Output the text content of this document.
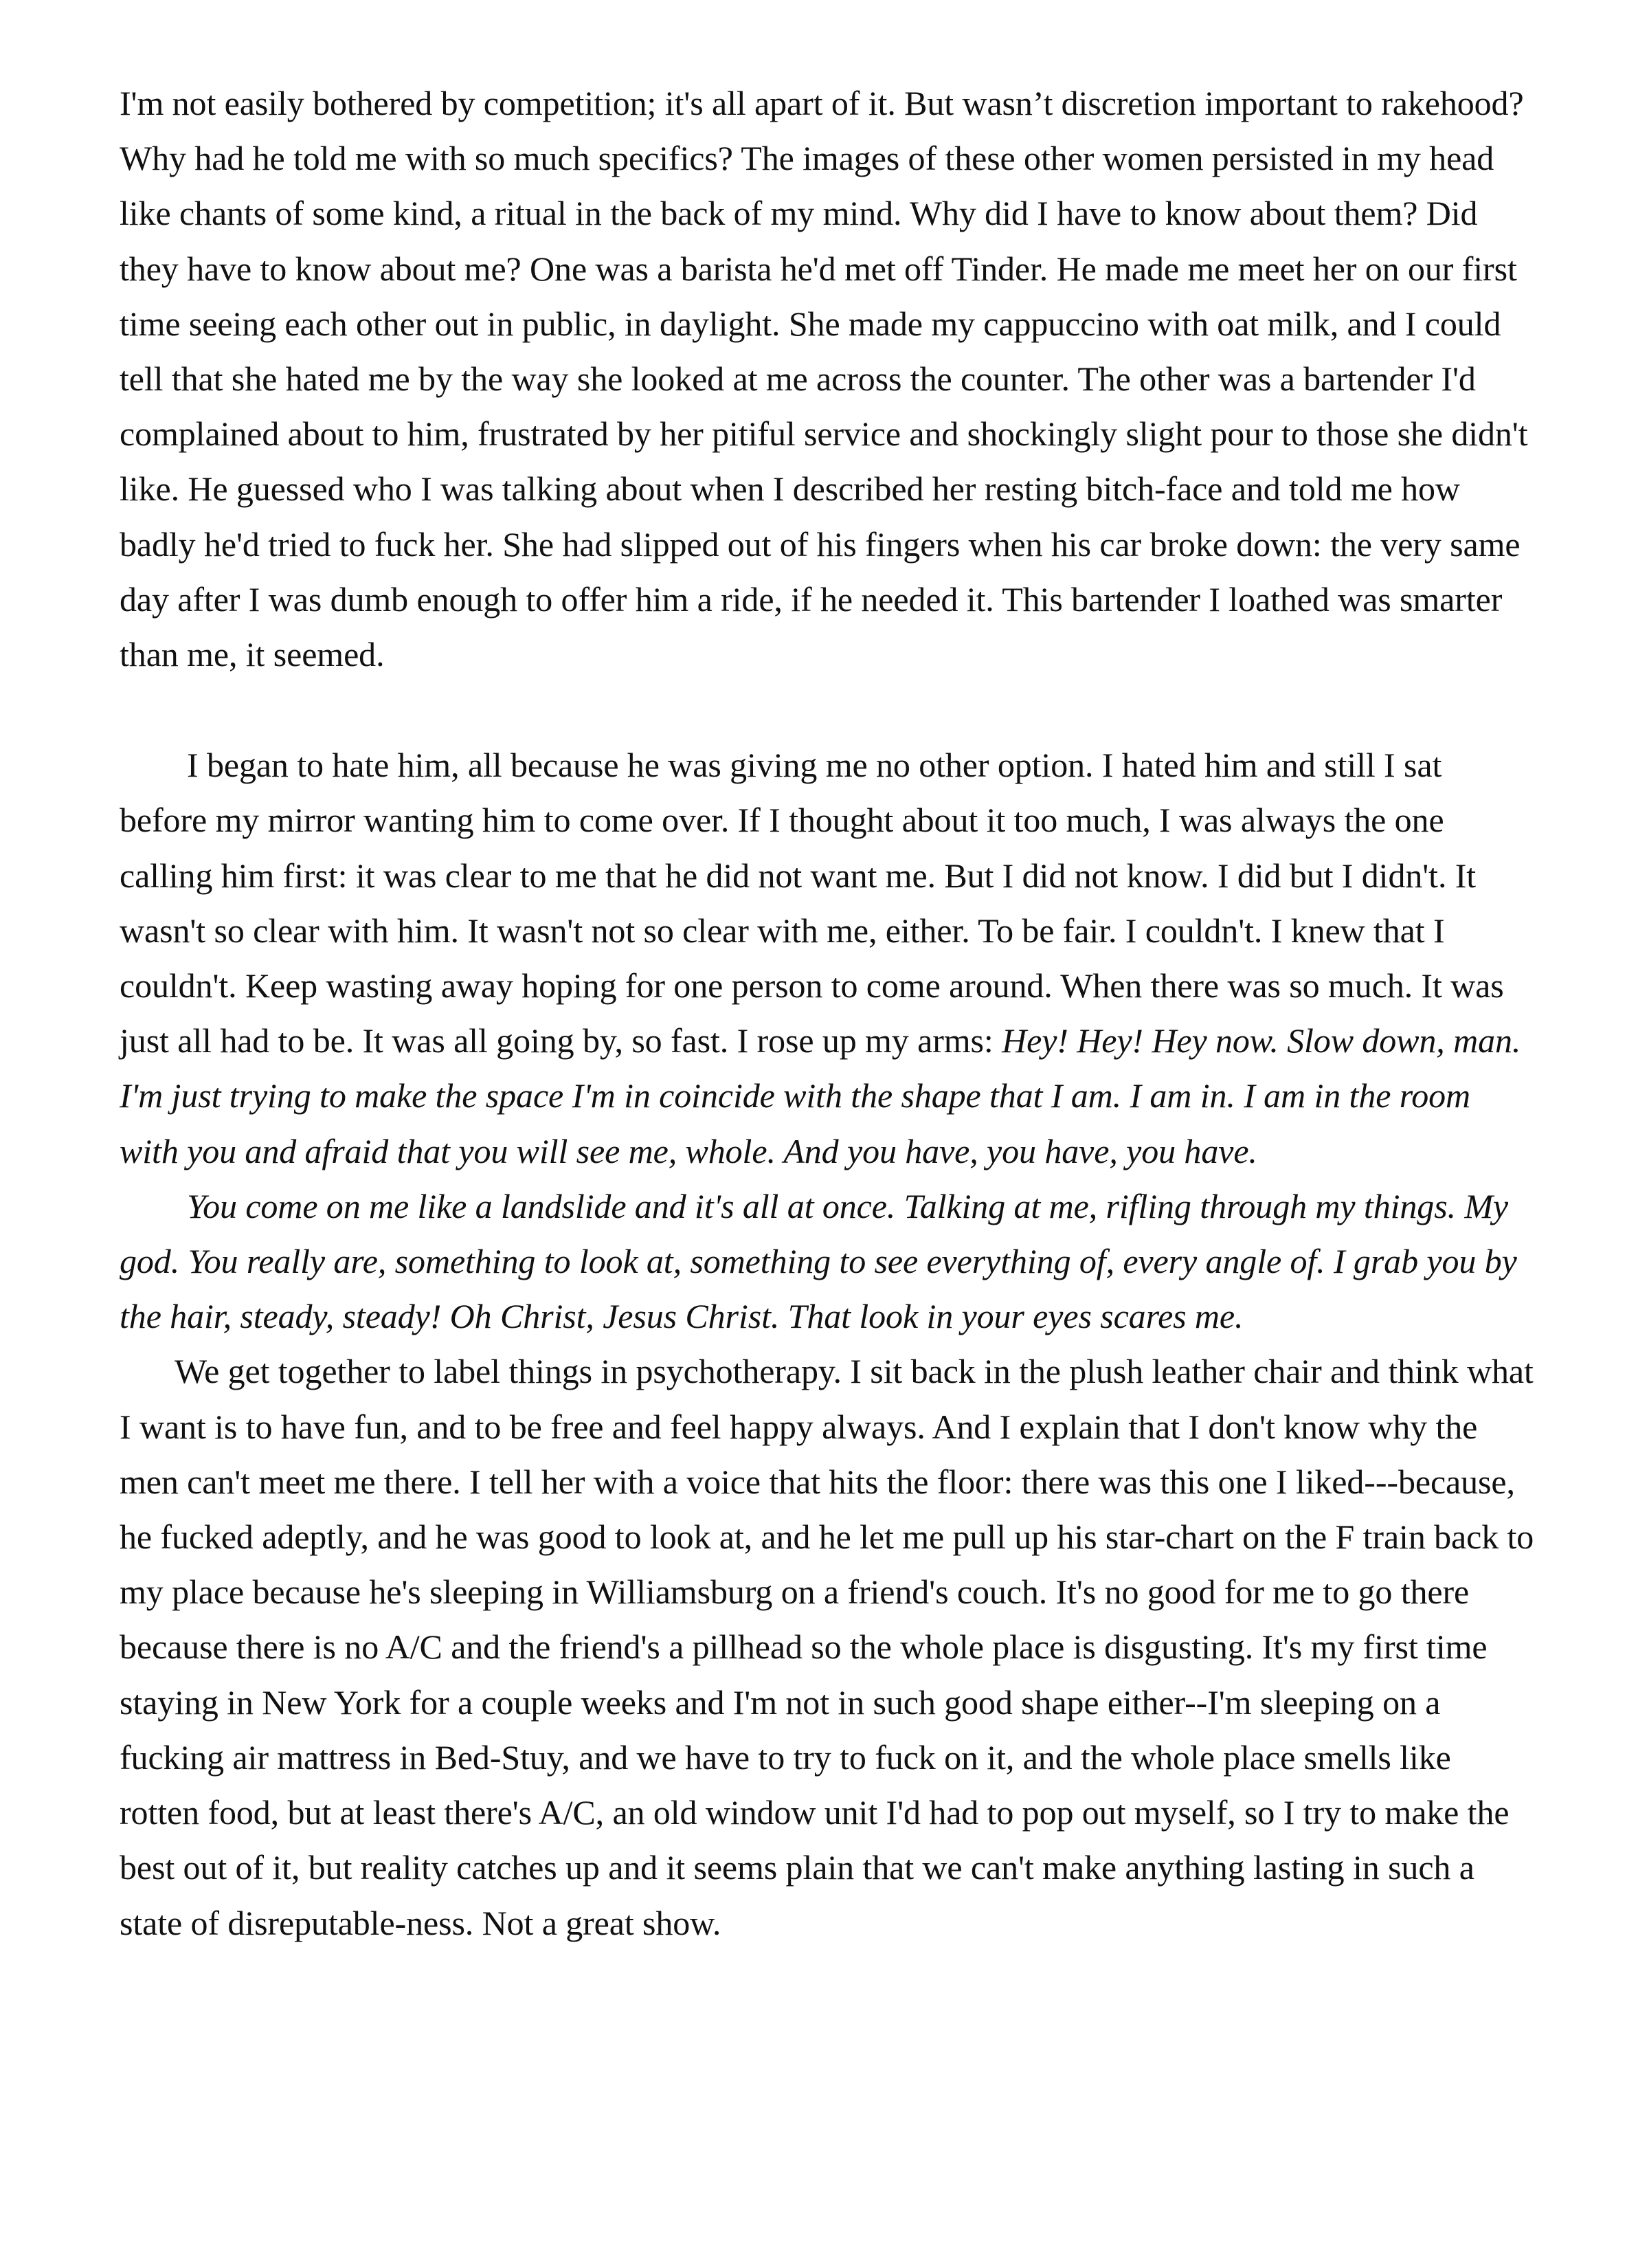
I'm not easily bothered by competition; it's all apart of it. But wasn’t discretion important to rakehood? Why had he told me with so much specifics? The images of these other women persisted in my head like chants of some kind, a ritual in the back of my mind. Why did I have to know about them? Did they have to know about me? One was a barista he'd met off Tinder. He made me meet her on our first time seeing each other out in public, in daylight. She made my cappuccino with oat milk, and I could tell that she hated me by the way she looked at me across the counter. The other was a bartender I'd complained about to him, frustrated by her pitiful service and shockingly slight pour to those she didn't like. He guessed who I was talking about when I described her resting bitch-face and told me how badly he'd tried to fuck her. She had slipped out of his fingers when his car broke down: the very same day after I was dumb enough to offer him a ride, if he needed it. This bartender I loathed was smarter than me, it seemed.

I began to hate him, all because he was giving me no other option. I hated him and still I sat before my mirror wanting him to come over. If I thought about it too much, I was always the one calling him first: it was clear to me that he did not want me. But I did not know. I did but I didn't. It wasn't so clear with him. It wasn't not so clear with me, either. To be fair. I couldn't. I knew that I couldn't. Keep wasting away hoping for one person to come around. When there was so much. It was just all had to be. It was all going by, so fast. I rose up my arms: Hey! Hey! Hey now. Slow down, man. I'm just trying to make the space I'm in coincide with the shape that I am. I am in. I am in the room with you and afraid that you will see me, whole. And you have, you have, you have.

You come on me like a landslide and it's all at once. Talking at me, rifling through my things. My god. You really are, something to look at, something to see everything of, every angle of. I grab you by the hair, steady, steady! Oh Christ, Jesus Christ. That look in your eyes scares me.

We get together to label things in psychotherapy. I sit back in the plush leather chair and think what I want is to have fun, and to be free and feel happy always. And I explain that I don't know why the men can't meet me there. I tell her with a voice that hits the floor: there was this one I liked---because, he fucked adeptly, and he was good to look at, and he let me pull up his star-chart on the F train back to my place because he's sleeping in Williamsburg on a friend's couch. It's no good for me to go there because there is no A/C and the friend's a pillhead so the whole place is disgusting. It's my first time staying in New York for a couple weeks and I'm not in such good shape either--I'm sleeping on a fucking air mattress in Bed-Stuy, and we have to try to fuck on it, and the whole place smells like rotten food, but at least there's A/C, an old window unit I'd had to pop out myself, so I try to make the best out of it, but reality catches up and it seems plain that we can't make anything lasting in such a state of disreputable-ness. Not a great show.
